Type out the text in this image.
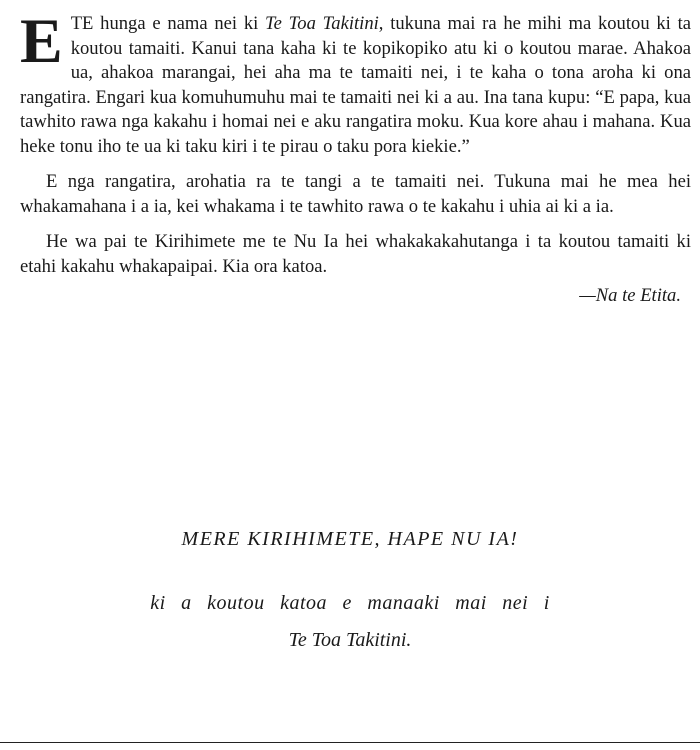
E TE hunga e nama nei ki Te Toa Takitini, tukuna mai ra he mihi ma koutou ki ta koutou tamaiti. Kanui tana kaha ki te kopikopiko atu ki o koutou marae. Ahakoa ua, ahakoa marangai, hei aha ma te tamaiti nei, i te kaha o tona aroha ki ona rangatira. Engari kua komuhumuhu mai te tamaiti nei ki a au. Ina tana kupu: “E papa, kua tawhito rawa nga kakahu i homai nei e aku rangatira moku. Kua kore ahau i mahana. Kua heke tonu iho te ua ki taku kiri i te pirau o taku pora kiekie.”

E nga rangatira, arohatia ra te tangi a te tamaiti nei. Tukuna mai he mea hei whakamahana i a ia, kei whakama i te tawhito rawa o te kakahu i uhia ai ki a ia.

He wa pai te Kirihimete me te Nu Ia hei whakakakahutanga i ta koutou tamaiti ki etahi kakahu whakapaipai. Kia ora katoa.

—Na te Etita.
MERE KIRIHIMETE, HAPE NU IA!
ki a koutou katoa e manaaki mai nei i
Te Toa Takitini.
